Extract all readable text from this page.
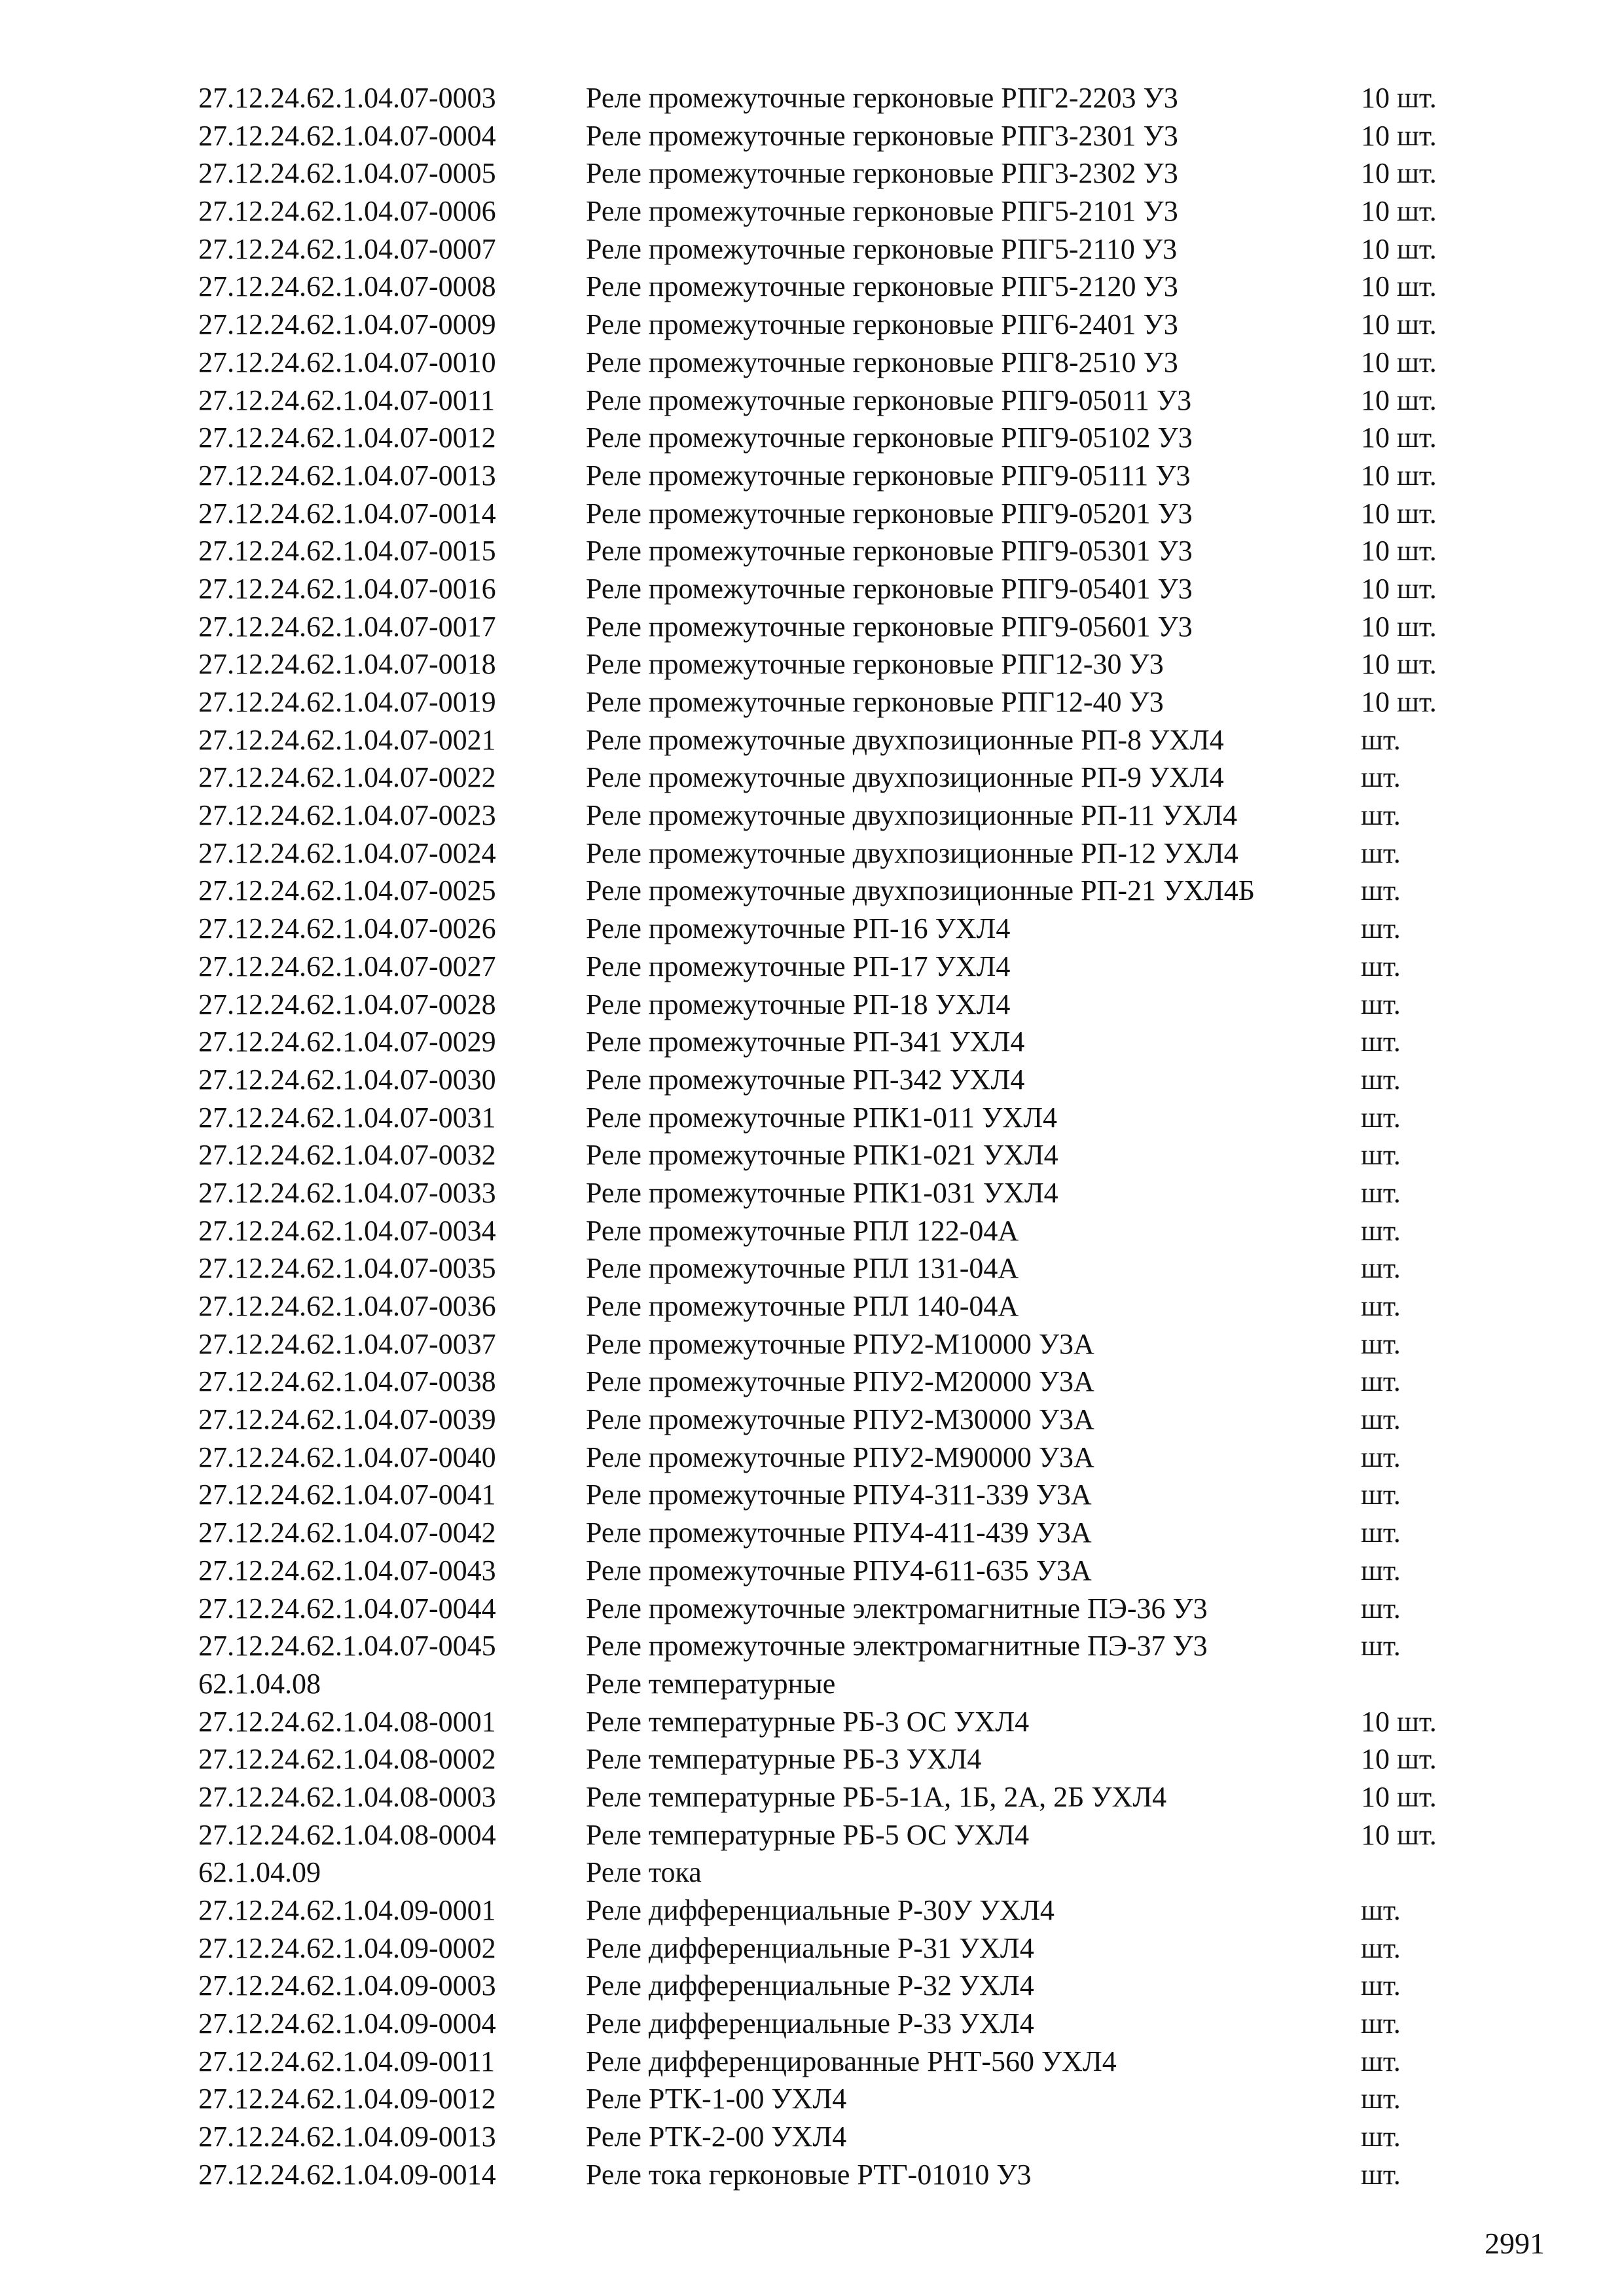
27.12.24.62.1.04.07-0003	Реле промежуточные герконовые РПГ2-2203 У3	10 шт.
27.12.24.62.1.04.07-0004	Реле промежуточные герконовые РПГ3-2301 У3	10 шт.
27.12.24.62.1.04.07-0005	Реле промежуточные герконовые РПГ3-2302 У3	10 шт.
27.12.24.62.1.04.07-0006	Реле промежуточные герконовые РПГ5-2101 У3	10 шт.
27.12.24.62.1.04.07-0007	Реле промежуточные герконовые РПГ5-2110 У3	10 шт.
27.12.24.62.1.04.07-0008	Реле промежуточные герконовые РПГ5-2120 У3	10 шт.
27.12.24.62.1.04.07-0009	Реле промежуточные герконовые РПГ6-2401 У3	10 шт.
27.12.24.62.1.04.07-0010	Реле промежуточные герконовые РПГ8-2510 У3	10 шт.
27.12.24.62.1.04.07-0011	Реле промежуточные герконовые РПГ9-05011 У3	10 шт.
27.12.24.62.1.04.07-0012	Реле промежуточные герконовые РПГ9-05102 У3	10 шт.
27.12.24.62.1.04.07-0013	Реле промежуточные герконовые РПГ9-05111 У3	10 шт.
27.12.24.62.1.04.07-0014	Реле промежуточные герконовые РПГ9-05201 У3	10 шт.
27.12.24.62.1.04.07-0015	Реле промежуточные герконовые РПГ9-05301 У3	10 шт.
27.12.24.62.1.04.07-0016	Реле промежуточные герконовые РПГ9-05401 У3	10 шт.
27.12.24.62.1.04.07-0017	Реле промежуточные герконовые РПГ9-05601 У3	10 шт.
27.12.24.62.1.04.07-0018	Реле промежуточные герконовые РПГ12-30 У3	10 шт.
27.12.24.62.1.04.07-0019	Реле промежуточные герконовые РПГ12-40 У3	10 шт.
27.12.24.62.1.04.07-0021	Реле промежуточные двухпозиционные РП-8 УХЛ4	шт.
27.12.24.62.1.04.07-0022	Реле промежуточные двухпозиционные РП-9 УХЛ4	шт.
27.12.24.62.1.04.07-0023	Реле промежуточные двухпозиционные РП-11 УХЛ4	шт.
27.12.24.62.1.04.07-0024	Реле промежуточные двухпозиционные РП-12 УХЛ4	шт.
27.12.24.62.1.04.07-0025	Реле промежуточные двухпозиционные РП-21 УХЛ4Б	шт.
27.12.24.62.1.04.07-0026	Реле промежуточные РП-16 УХЛ4	шт.
27.12.24.62.1.04.07-0027	Реле промежуточные РП-17 УХЛ4	шт.
27.12.24.62.1.04.07-0028	Реле промежуточные РП-18 УХЛ4	шт.
27.12.24.62.1.04.07-0029	Реле промежуточные РП-341 УХЛ4	шт.
27.12.24.62.1.04.07-0030	Реле промежуточные РП-342 УХЛ4	шт.
27.12.24.62.1.04.07-0031	Реле промежуточные РПК1-011 УХЛ4	шт.
27.12.24.62.1.04.07-0032	Реле промежуточные РПК1-021 УХЛ4	шт.
27.12.24.62.1.04.07-0033	Реле промежуточные РПК1-031 УХЛ4	шт.
27.12.24.62.1.04.07-0034	Реле промежуточные РПЛ 122-04А	шт.
27.12.24.62.1.04.07-0035	Реле промежуточные РПЛ 131-04А	шт.
27.12.24.62.1.04.07-0036	Реле промежуточные РПЛ 140-04А	шт.
27.12.24.62.1.04.07-0037	Реле промежуточные РПУ2-М10000 У3А	шт.
27.12.24.62.1.04.07-0038	Реле промежуточные РПУ2-М20000 У3А	шт.
27.12.24.62.1.04.07-0039	Реле промежуточные РПУ2-М30000 У3А	шт.
27.12.24.62.1.04.07-0040	Реле промежуточные РПУ2-М90000 У3А	шт.
27.12.24.62.1.04.07-0041	Реле промежуточные РПУ4-311-339 У3А	шт.
27.12.24.62.1.04.07-0042	Реле промежуточные РПУ4-411-439 У3А	шт.
27.12.24.62.1.04.07-0043	Реле промежуточные РПУ4-611-635 У3А	шт.
27.12.24.62.1.04.07-0044	Реле промежуточные электромагнитные ПЭ-36 У3	шт.
27.12.24.62.1.04.07-0045	Реле промежуточные электромагнитные ПЭ-37 У3	шт.
62.1.04.08	Реле температурные
27.12.24.62.1.04.08-0001	Реле температурные РБ-3 ОС УХЛ4	10 шт.
27.12.24.62.1.04.08-0002	Реле температурные РБ-3 УХЛ4	10 шт.
27.12.24.62.1.04.08-0003	Реле температурные РБ-5-1А, 1Б, 2А, 2Б УХЛ4	10 шт.
27.12.24.62.1.04.08-0004	Реле температурные РБ-5 ОС УХЛ4	10 шт.
62.1.04.09	Реле тока
27.12.24.62.1.04.09-0001	Реле дифференциальные Р-30У УХЛ4	шт.
27.12.24.62.1.04.09-0002	Реле дифференциальные Р-31 УХЛ4	шт.
27.12.24.62.1.04.09-0003	Реле дифференциальные Р-32 УХЛ4	шт.
27.12.24.62.1.04.09-0004	Реле дифференциальные Р-33 УХЛ4	шт.
27.12.24.62.1.04.09-0011	Реле дифференцированные РНТ-560 УХЛ4	шт.
27.12.24.62.1.04.09-0012	Реле РТК-1-00 УХЛ4	шт.
27.12.24.62.1.04.09-0013	Реле РТК-2-00 УХЛ4	шт.
27.12.24.62.1.04.09-0014	Реле тока герконовые РТГ-01010 У3	шт.
2991
